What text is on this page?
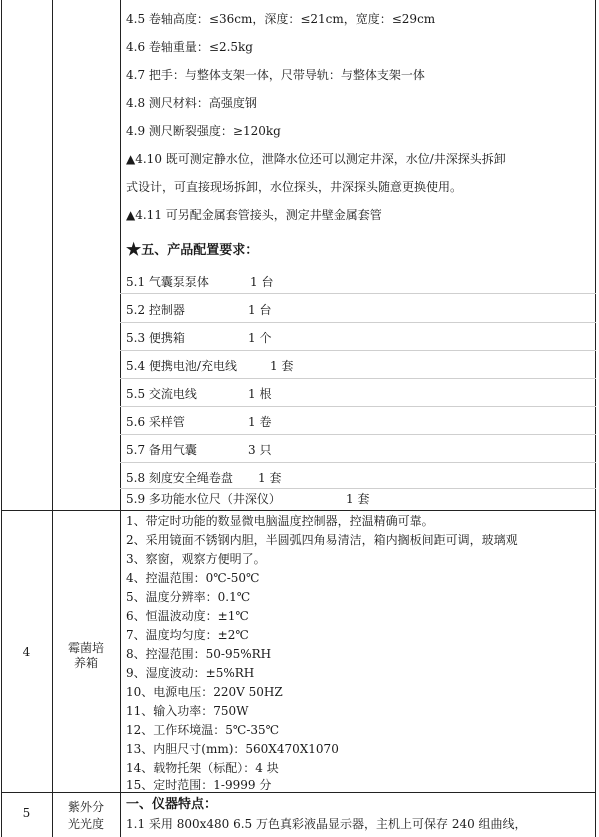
4.5 卷轴高度：≤36cm，深度：≤21cm，宽度：≤29cm
4.6 卷轴重量：≤2.5kg
4.7 把手：与整体支架一体，尺带导轨：与整体支架一体
4.8 测尺材料：高强度钢
4.9 测尺断裂强度：≥120kg
▲4.10 既可测定静水位，泄降水位还可以测定井深，水位/井深探头拆卸
式设计，可直接现场拆卸，水位探头，井深探头随意更换使用。
▲4.11 可另配金属套管接头，测定井壁金属套管
★五、产品配置要求：
5.1 气囊泵泵体	1 台
5.2 控制器	1 台
5.3 便携箱	1 个
5.4 便携电池/充电线	1 套
5.5 交流电线	1 根
5.6 采样管	1 卷
5.7 备用气囊	3 只
5.8 刻度安全绳卷盘 1 套
5.9 多功能水位尺（井深仪）	1 套
4	霉菌培
养箱
1、带定时功能的数显微电脑温度控制器，控温精确可靠。
2、采用镜面不锈钢内胆，半圆弧四角易清洁，箱内搁板间距可调，玻璃观
3、察窗，观察方便明了。
4、控温范围：0℃-50℃
5、温度分辨率：0.1℃
6、恒温波动度：±1℃
7、温度均匀度：±2℃
8、控湿范围：50-95%RH
9、湿度波动：±5%RH
10、电源电压：220V 50HZ
11、输入功率：750W
12、工作环境温：5℃-35℃
13、内胆尺寸(mm)：560X470X1070
14、载物托架（标配）：4 块
15、定时范围：1-9999 分
5	紫外分
光光度
一、仪器特点：
1.1 采用 800x480 6.5 万色真彩液晶显示器，主机上可保存 240 组曲线，
